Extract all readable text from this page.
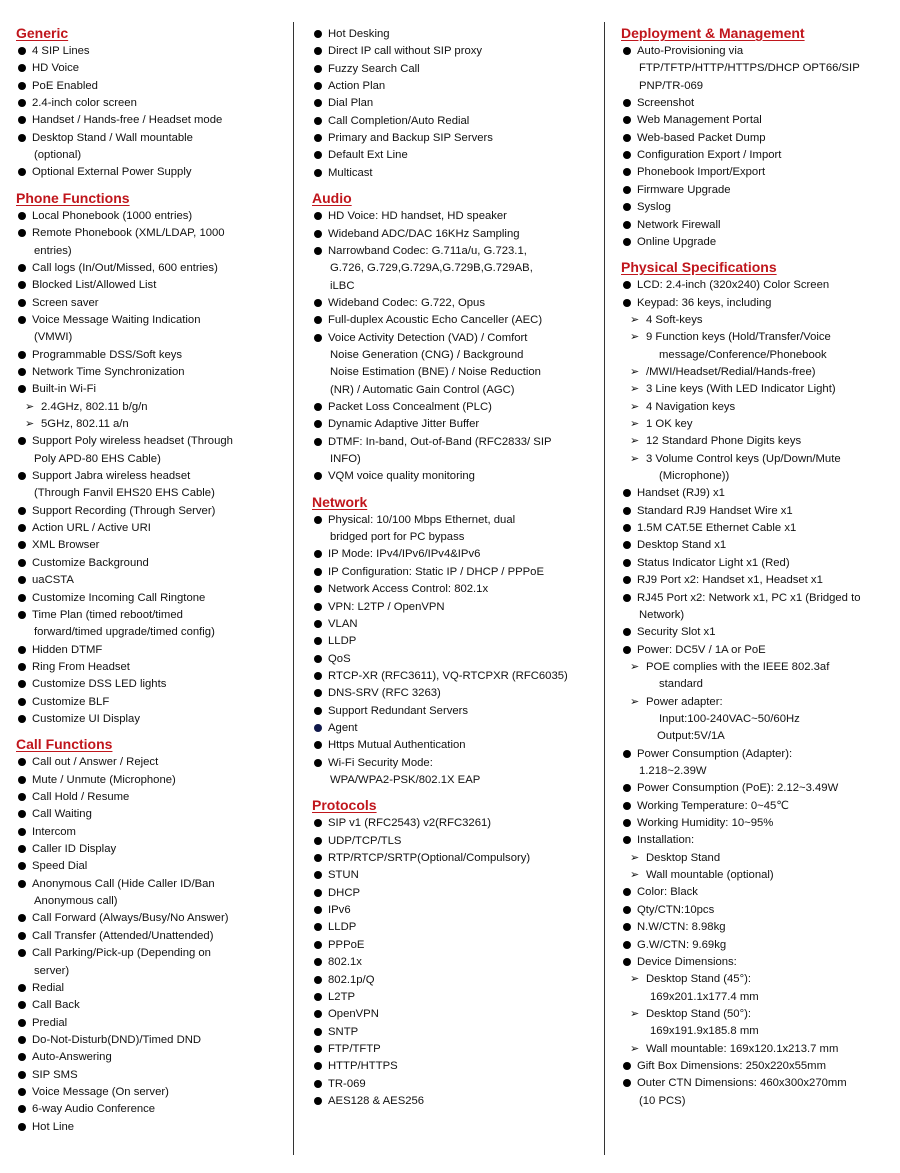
Generic
4 SIP Lines
HD Voice
PoE Enabled
2.4-inch color screen
Handset / Hands-free / Headset mode
Desktop Stand / Wall mountable
(optional)
Optional External Power Supply
Phone Functions
Local Phonebook (1000 entries)
Remote Phonebook (XML/LDAP, 1000
entries)
Call logs (In/Out/Missed, 600 entries)
Blocked List/Allowed List
Screen saver
Voice Message Waiting Indication
(VMWI)
Programmable DSS/Soft keys
Network Time Synchronization
Built-in Wi-Fi
➢ 2.4GHz, 802.11 b/g/n
➢ 5GHz, 802.11 a/n
Support Poly wireless headset (Through
Poly APD-80 EHS Cable)
Support Jabra wireless headset
(Through Fanvil EHS20 EHS Cable)
Support Recording (Through Server)
Action URL / Active URI
XML Browser
Customize Background
uaCSTA
Customize Incoming Call Ringtone
Time Plan (timed reboot/timed
forward/timed upgrade/timed config)
Hidden DTMF
Ring From Headset
Customize DSS LED lights
Customize BLF
Customize UI Display
Call Functions
Call out / Answer / Reject
Mute / Unmute (Microphone)
Call Hold / Resume
Call Waiting
Intercom
Caller ID Display
Speed Dial
Anonymous Call (Hide Caller ID/Ban
Anonymous call)
Call Forward (Always/Busy/No Answer)
Call Transfer (Attended/Unattended)
Call Parking/Pick-up (Depending on
server)
Redial
Call Back
Predial
Do-Not-Disturb(DND)/Timed DND
Auto-Answering
SIP SMS
Voice Message (On server)
6-way Audio Conference
Hot Line
Hot Desking
Direct IP call without SIP proxy
Fuzzy Search Call
Action Plan
Dial Plan
Call Completion/Auto Redial
Primary and Backup SIP Servers
Default Ext Line
Multicast
Audio
HD Voice: HD handset, HD speaker
Wideband ADC/DAC 16KHz Sampling
Narrowband Codec: G.711a/u, G.723.1,
G.726, G.729,G.729A,G.729B,G.729AB,
iLBC
Wideband Codec: G.722, Opus
Full-duplex Acoustic Echo Canceller (AEC)
Voice Activity Detection (VAD) / Comfort
Noise Generation (CNG) / Background
Noise Estimation (BNE) / Noise Reduction
(NR) / Automatic Gain Control (AGC)
Packet Loss Concealment (PLC)
Dynamic Adaptive Jitter Buffer
DTMF: In-band, Out-of-Band (RFC2833/ SIP
INFO)
VQM voice quality monitoring
Network
Physical: 10/100 Mbps Ethernet, dual
bridged port for PC bypass
IP Mode: IPv4/IPv6/IPv4&IPv6
IP Configuration: Static IP / DHCP / PPPoE
Network Access Control: 802.1x
VPN: L2TP / OpenVPN
VLAN
LLDP
QoS
RTCP-XR (RFC3611), VQ-RTCPXR (RFC6035)
DNS-SRV (RFC 3263)
Support Redundant Servers
Agent
Https Mutual Authentication
Wi-Fi Security Mode:
WPA/WPA2-PSK/802.1X EAP
Protocols
SIP v1 (RFC2543) v2(RFC3261)
UDP/TCP/TLS
RTP/RTCP/SRTP(Optional/Compulsory)
STUN
DHCP
IPv6
LLDP
PPPoE
802.1x
802.1p/Q
L2TP
OpenVPN
SNTP
FTP/TFTP
HTTP/HTTPS
TR-069
AES128 & AES256
Deployment & Management
Auto-Provisioning via
FTP/TFTP/HTTP/HTTPS/DHCP OPT66/SIP
PNP/TR-069
Screenshot
Web Management Portal
Web-based Packet Dump
Configuration Export / Import
Phonebook Import/Export
Firmware Upgrade
Syslog
Network Firewall
Online Upgrade
Physical Specifications
LCD: 2.4-inch (320x240) Color Screen
Keypad: 36 keys, including
➢ 4 Soft-keys
➢ 9 Function keys (Hold/Transfer/Voice
message/Conference/Phonebook
➢ /MWI/Headset/Redial/Hands-free)
➢ 3 Line keys (With LED Indicator Light)
➢ 4 Navigation keys
➢ 1 OK key
➢ 12 Standard Phone Digits keys
➢ 3 Volume Control keys (Up/Down/Mute
(Microphone))
Handset (RJ9) x1
Standard RJ9 Handset Wire x1
1.5M CAT.5E Ethernet Cable x1
Desktop Stand x1
Status Indicator Light x1 (Red)
RJ9 Port x2: Handset x1, Headset x1
RJ45 Port x2: Network x1, PC x1 (Bridged to
Network)
Security Slot x1
Power: DC5V / 1A or PoE
➢ POE complies with the IEEE 802.3af
standard
➢ Power adapter:
Input:100-240VAC~50/60Hz
Output:5V/1A
Power Consumption (Adapter):
1.218~2.39W
Power Consumption (PoE): 2.12~3.49W
Working Temperature: 0~45℃
Working Humidity: 10~95%
Installation:
➢ Desktop Stand
➢ Wall mountable (optional)
Color: Black
Qty/CTN:10pcs
N.W/CTN: 8.98kg
G.W/CTN: 9.69kg
Device Dimensions:
➢ Desktop Stand (45°):
169x201.1x177.4 mm
➢ Desktop Stand (50°):
169x191.9x185.8 mm
➢ Wall mountable: 169x120.1x213.7 mm
Gift Box Dimensions: 250x220x55mm
Outer CTN Dimensions: 460x300x270mm
(10 PCS)
